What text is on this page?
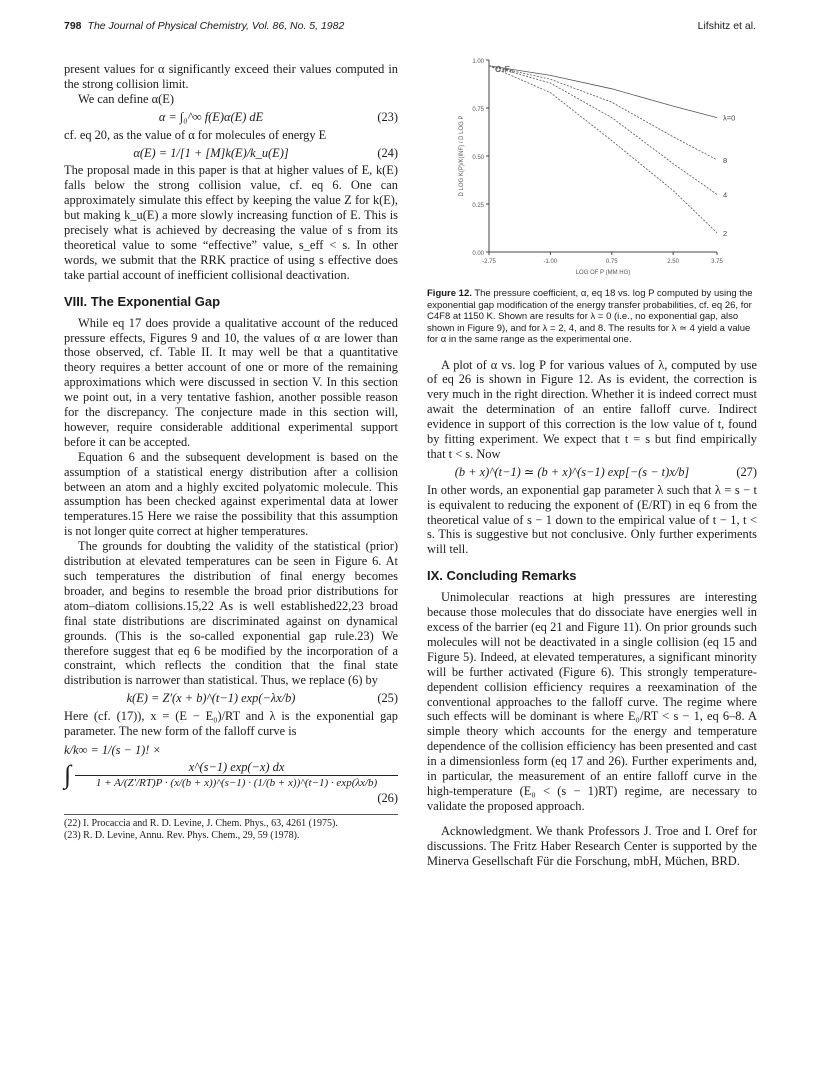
798 The Journal of Physical Chemistry, Vol. 86, No. 5, 1982	Lifshitz et al.

present values for α significantly exceed their values computed in the strong collision limit.

We can define α(E)

α = ∫₀^∞ f(E)α(E) dE	(23)

cf. eq 20, as the value of α for molecules of energy E

α(E) = 1/[1 + [M]k(E)/k_u(E)]	(24)

The proposal made in this paper is that at higher values of E, k(E) falls below the strong collision value, cf. eq 6. One can approximately simulate this effect by keeping the value Z for k(E), but making k_u(E) a more slowly increasing function of E. This is precisely what is achieved by decreasing the value of s from its theoretical value to some “effective” value, s_eff < s. In other words, we submit that the RRK practice of using s effective does take partial account of inefficient collisional deactivation.

VIII. The Exponential Gap

While eq 17 does provide a qualitative account of the reduced pressure effects, Figures 9 and 10, the values of α are lower than those observed, cf. Table II. It may well be that a quantitative theory requires a better account of one or more of the remaining approximations which were discussed in section V. In this section we point out, in a very tentative fashion, another possible reason for the discrepancy. The conjecture made in this section will, however, require considerable additional experimental support before it can be accepted.

Equation 6 and the subsequent development is based on the assumption of a statistical energy distribution after a collision between an atom and a highly excited polyatomic molecule. This assumption has been checked against experimental data at lower temperatures.15 Here we raise the possibility that this assumption is not longer quite correct at higher temperatures.

The grounds for doubting the validity of the statistical (prior) distribution at elevated temperatures can be seen in Figure 6. At such temperatures the distribution of final energy becomes broader, and begins to resemble the broad prior distributions for atom–diatom collisions.15,22 As is well established22,23 broad final state distributions are discriminated against on dynamical grounds. (This is the so-called exponential gap rule.23) We therefore suggest that eq 6 be modified by the incorporation of a constraint, which reflects the condition that the final state distribution is narrower than statistical. Thus, we replace (6) by

k(E) = Z′(x + b)^(t−1) exp(−λx/b)	(25)

Here (cf. (17)), x = (E − E₀)/RT and λ is the exponential gap parameter. The new form of the falloff curve is

k/k∞ = 1/(s − 1)! ×
∫	x^(s−1) exp(−x) dx
1 + A/(Z′/RT)P · (x/(b + x))^(s−1) · (1/(b + x))^(t−1) · exp(λx/b)
(26)
(22) I. Procaccia and R. D. Levine, J. Chem. Phys., 63, 4261 (1975).
(23) R. D. Levine, Annu. Rev. Phys. Chem., 29, 59 (1978).
0.00
0.25
0.50
0.75
1.00
-2.75	-1.00	0.75	2.50	3.75
LOG OF P (MM HG)
D LOG K(P)/K(INF) / D LOG P
C₄F₈
λ=0
8
4
2
Figure 12. The pressure coefficient, α, eq 18 vs. log P computed by using the exponential gap modification of the energy transfer probabilities, cf. eq 26, for C4F8 at 1150 K. Shown are results for λ = 0 (i.e., no exponential gap, also shown in Figure 9), and for λ = 2, 4, and 8. The results for λ ≃ 4 yield a value for α in the same range as the experimental one.

A plot of α vs. log P for various values of λ, computed by use of eq 26 is shown in Figure 12. As is evident, the correction is very much in the right direction. Whether it is indeed correct must await the determination of an entire falloff curve. Indirect evidence in support of this correction is the low value of t, found by fitting experiment. We expect that t = s but find empirically that t < s. Now

(b + x)^(t−1) ≃ (b + x)^(s−1) exp[−(s − t)x/b]	(27)

In other words, an exponential gap parameter λ such that λ = s − t is equivalent to reducing the exponent of (E/RT) in eq 6 from the theoretical value of s − 1 down to the empirical value of t − 1, t < s. This is suggestive but not conclusive. Only further experiments will tell.

IX. Concluding Remarks

Unimolecular reactions at high pressures are interesting because those molecules that do dissociate have energies well in excess of the barrier (eq 21 and Figure 11). On prior grounds such molecules will not be deactivated in a single collision (eq 15 and Figure 5). Indeed, at elevated temperatures, a significant minority will be further activated (Figure 6). This strongly temperature-dependent collision efficiency requires a reexamination of the conventional approaches to the falloff curve. The regime where such effects will be dominant is where E₀/RT < s − 1, eq 6–8. A simple theory which accounts for the energy and temperature dependence of the collision efficiency has been presented and cast in a dimensionless form (eq 17 and 26). Further experiments and, in particular, the measurement of an entire falloff curve in the high-temperature (E₀ < (s − 1)RT) regime, are necessary to validate the proposed approach.

Acknowledgment. We thank Professors J. Troe and I. Oref for discussions. The Fritz Haber Research Center is supported by the Minerva Gesellschaft Für die Forschung, mbH, Müchen, BRD.
